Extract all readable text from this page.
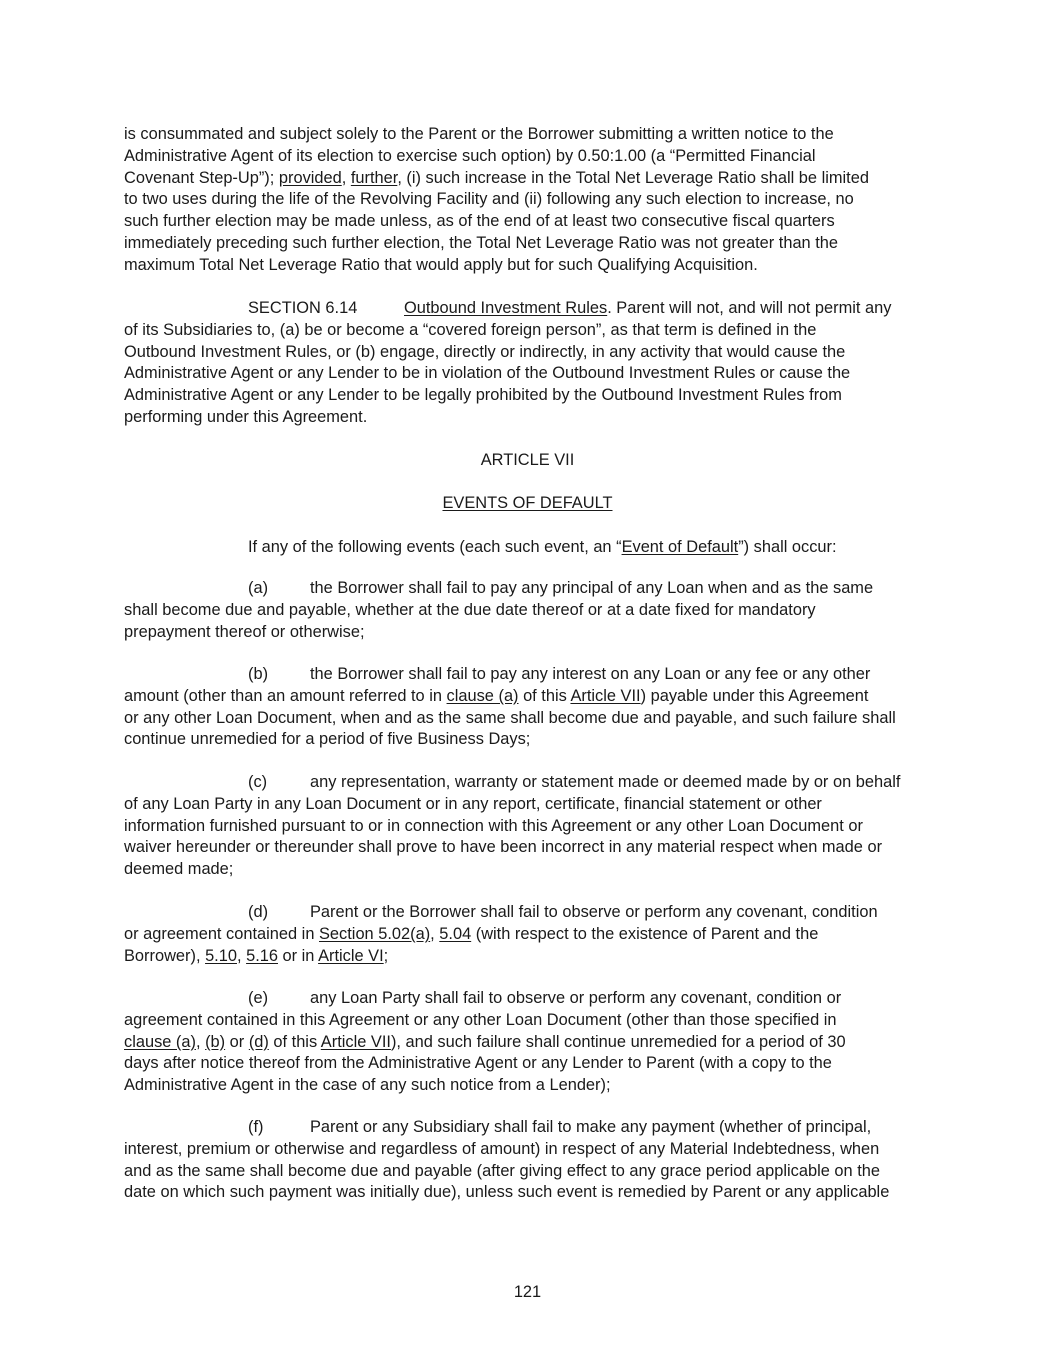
is consummated and subject solely to the Parent or the Borrower submitting a written notice to the
Administrative Agent of its election to exercise such option) by 0.50:1.00 (a “Permitted Financial
Covenant Step-Up”); provided, further, (i) such increase in the Total Net Leverage Ratio shall be limited
to two uses during the life of the Revolving Facility and (ii) following any such election to increase, no
such further election may be made unless, as of the end of at least two consecutive fiscal quarters
immediately preceding such further election, the Total Net Leverage Ratio was not greater than the
maximum Total Net Leverage Ratio that would apply but for such Qualifying Acquisition.
SECTION 6.14	Outbound Investment Rules. Parent will not, and will not permit any
of its Subsidiaries to, (a) be or become a “covered foreign person”, as that term is defined in the
Outbound Investment Rules, or (b) engage, directly or indirectly, in any activity that would cause the
Administrative Agent or any Lender to be in violation of the Outbound Investment Rules or cause the
Administrative Agent or any Lender to be legally prohibited by the Outbound Investment Rules from
performing under this Agreement.
ARTICLE VII
EVENTS OF DEFAULT
If any of the following events (each such event, an “Event of Default”) shall occur:
(a)	the Borrower shall fail to pay any principal of any Loan when and as the same
shall become due and payable, whether at the due date thereof or at a date fixed for mandatory
prepayment thereof or otherwise;
(b)	the Borrower shall fail to pay any interest on any Loan or any fee or any other
amount (other than an amount referred to in clause (a) of this Article VII) payable under this Agreement
or any other Loan Document, when and as the same shall become due and payable, and such failure shall
continue unremedied for a period of five Business Days;
(c)	any representation, warranty or statement made or deemed made by or on behalf
of any Loan Party in any Loan Document or in any report, certificate, financial statement or other
information furnished pursuant to or in connection with this Agreement or any other Loan Document or
waiver hereunder or thereunder shall prove to have been incorrect in any material respect when made or
deemed made;
(d)	Parent or the Borrower shall fail to observe or perform any covenant, condition
or agreement contained in Section 5.02(a), 5.04 (with respect to the existence of Parent and the
Borrower), 5.10, 5.16 or in Article VI;
(e)	any Loan Party shall fail to observe or perform any covenant, condition or
agreement contained in this Agreement or any other Loan Document (other than those specified in
clause (a), (b) or (d) of this Article VII), and such failure shall continue unremedied for a period of 30
days after notice thereof from the Administrative Agent or any Lender to Parent (with a copy to the
Administrative Agent in the case of any such notice from a Lender);
(f)	Parent or any Subsidiary shall fail to make any payment (whether of principal,
interest, premium or otherwise and regardless of amount) in respect of any Material Indebtedness, when
and as the same shall become due and payable (after giving effect to any grace period applicable on the
date on which such payment was initially due), unless such event is remedied by Parent or any applicable
121
